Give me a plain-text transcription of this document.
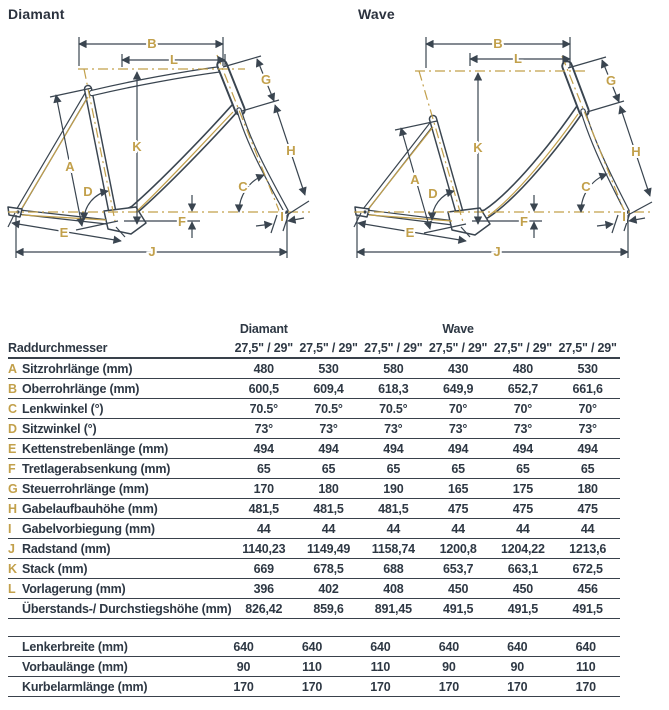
Diamant	Wave
B
L
K
A
D	C
E
F
J
G
H
I
B
L
K
A
D	C
E
F
J
G
H
I
	Diamant			Wave		
Raddurchmesser	27,5" / 29"	27,5" / 29"	27,5" / 29"	27,5" / 29"	27,5" / 29"	27,5" / 29"
A Sitzrohrlänge (mm)	480	530	580	430	480	530
B Oberrohrlänge (mm)	600,5	609,4	618,3	649,9	652,7	661,6
C Lenkwinkel (°)	70.5°	70.5°	70.5°	70°	70°	70°
D Sitzwinkel (°)	73°	73°	73°	73°	73°	73°
E Kettenstrebenlänge (mm)	494	494	494	494	494	494
F Tretlagerabsenkung (mm)	65	65	65	65	65	65
G Steuerrohrlänge (mm)	170	180	190	165	175	180
H Gabelaufbauhöhe (mm)	481,5	481,5	481,5	475	475	475
I Gabelvorbiegung (mm)	44	44	44	44	44	44
J Radstand (mm)	1140,23	1149,49	1158,74	1200,8	1204,22	1213,6
K Stack (mm)	669	678,5	688	653,7	663,1	672,5
L Vorlagerung (mm)	396	402	408	450	450	456
Überstands-/ Durchstiegshöhe (mm)	826,42	859,6	891,45	491,5	491,5	491,5
Lenkerbreite (mm)	640	640	640	640	640	640
Vorbaulänge (mm)	90	110	110	90	90	110
Kurbelarmlänge (mm)	170	170	170	170	170	170
